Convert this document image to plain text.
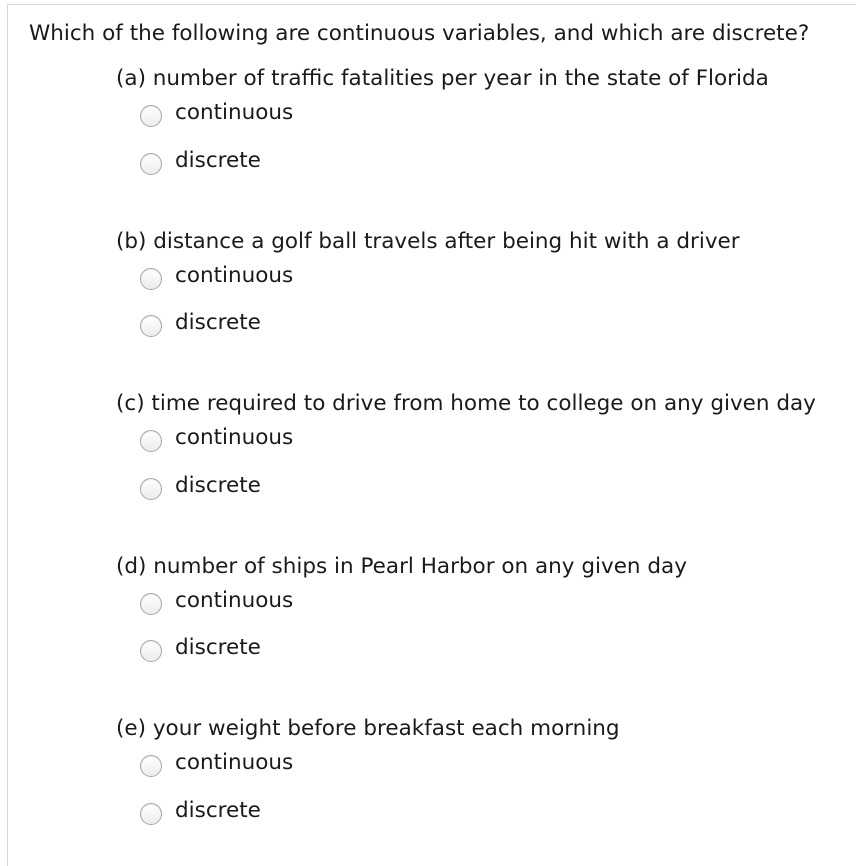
Which of the following are continuous variables, and which are discrete?
(a) number of traffic fatalities per year in the state of Florida
continuous
discrete
(b) distance a golf ball travels after being hit with a driver
continuous
discrete
(c) time required to drive from home to college on any given day
continuous
discrete
(d) number of ships in Pearl Harbor on any given day
continuous
discrete
(e) your weight before breakfast each morning
continuous
discrete
